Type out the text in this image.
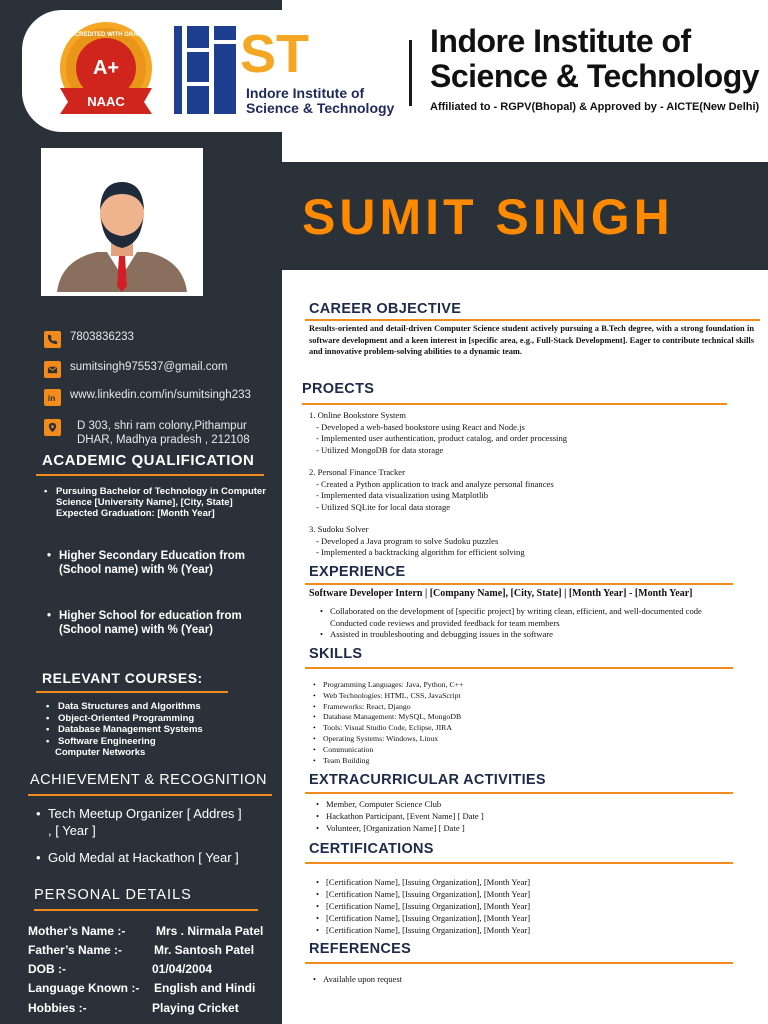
A+
NAAC
ACCREDITED WITH GRADE ST
Indore Institute of
Science & Technology
Indore Institute of
Science & Technology
Affiliated to - RGPV(Bhopal) & Approved by - AICTE(New Delhi)
SUMIT SINGH
7803836233
sumitsingh975537@gmail.com
in www.linkedin.com/in/sumitsingh233
D 303, shri ram colony,Pithampur
DHAR, Madhya pradesh , 212108
ACADEMIC QUALIFICATION
• Pursuing Bachelor of Technology in Computer
Science [University Name], [City, State]
Expected Graduation: [Month Year]
• Higher Secondary Education from
(School name) with % (Year)
• Higher School for education from
(School name) with % (Year)
RELEVANT COURSES:
• Data Structures and Algorithms
• Object-Oriented Programming
• Database Management Systems
• Software Engineering
Computer Networks
ACHIEVEMENT & RECOGNITION
• Tech Meetup Organizer [ Addres ]
, [ Year ]
• Gold Medal at Hackathon [ Year ]
PERSONAL DETAILS
Mother’s Name :-	Mrs . Nirmala Patel
Father’s Name :-	Mr. Santosh Patel
DOB :-	01/04/2004
Language Known :- English and Hindi
Hobbies :-	Playing Cricket
CAREER OBJECTIVE
Results-oriented and detail-driven Computer Science student actively pursuing a B.Tech degree, with a strong foundation in software development and a keen interest in [specific area, e.g., Full-Stack Development]. Eager to contribute technical skills and innovative problem-solving abilities to a dynamic team.
PROECTS
1. Online Bookstore System
- Developed a web-based bookstore using React and Node.js
- Implemented user authentication, product catalog, and order processing
- Utilized MongoDB for data storage
2. Personal Finance Tracker
- Created a Python application to track and analyze personal finances
- Implemented data visualization using Matplotlib
- Utilized SQLite for local data storage
3. Sudoku Solver
- Developed a Java program to solve Sudoku puzzles
- Implemented a backtracking algorithm for efficient solving
EXPERIENCE
Software Developer Intern | [Company Name], [City, State] | [Month Year] - [Month Year]
• Collaborated on the development of [specific project] by writing clean, efficient, and well-documented code
Conducted code reviews and provided feedback for team members
• Assisted in troubleshooting and debugging issues in the software
SKILLS
• Programming Languages: Java, Python, C++
• Web Technologies: HTML, CSS, JavaScript
• Frameworks: React, Django
• Database Management: MySQL, MongoDB
• Tools: Visual Studio Code, Eclipse, JIRA
• Operating Systems: Windows, Linux
• Communication
• Team Building
EXTRACURRICULAR ACTIVITIES
• Member, Computer Science Club
• Hackathon Participant, [Event Name] [ Date ]
• Volunteer, [Organization Name] [ Date ]
CERTIFICATIONS
• [Certification Name], [Issuing Organization], [Month Year]
• [Certification Name], [Issuing Organization], [Month Year]
• [Certification Name], [Issuing Organization], [Month Year]
• [Certification Name], [Issuing Organization], [Month Year]
• [Certification Name], [Issuing Organization], [Month Year]
REFERENCES
• Available upon request
